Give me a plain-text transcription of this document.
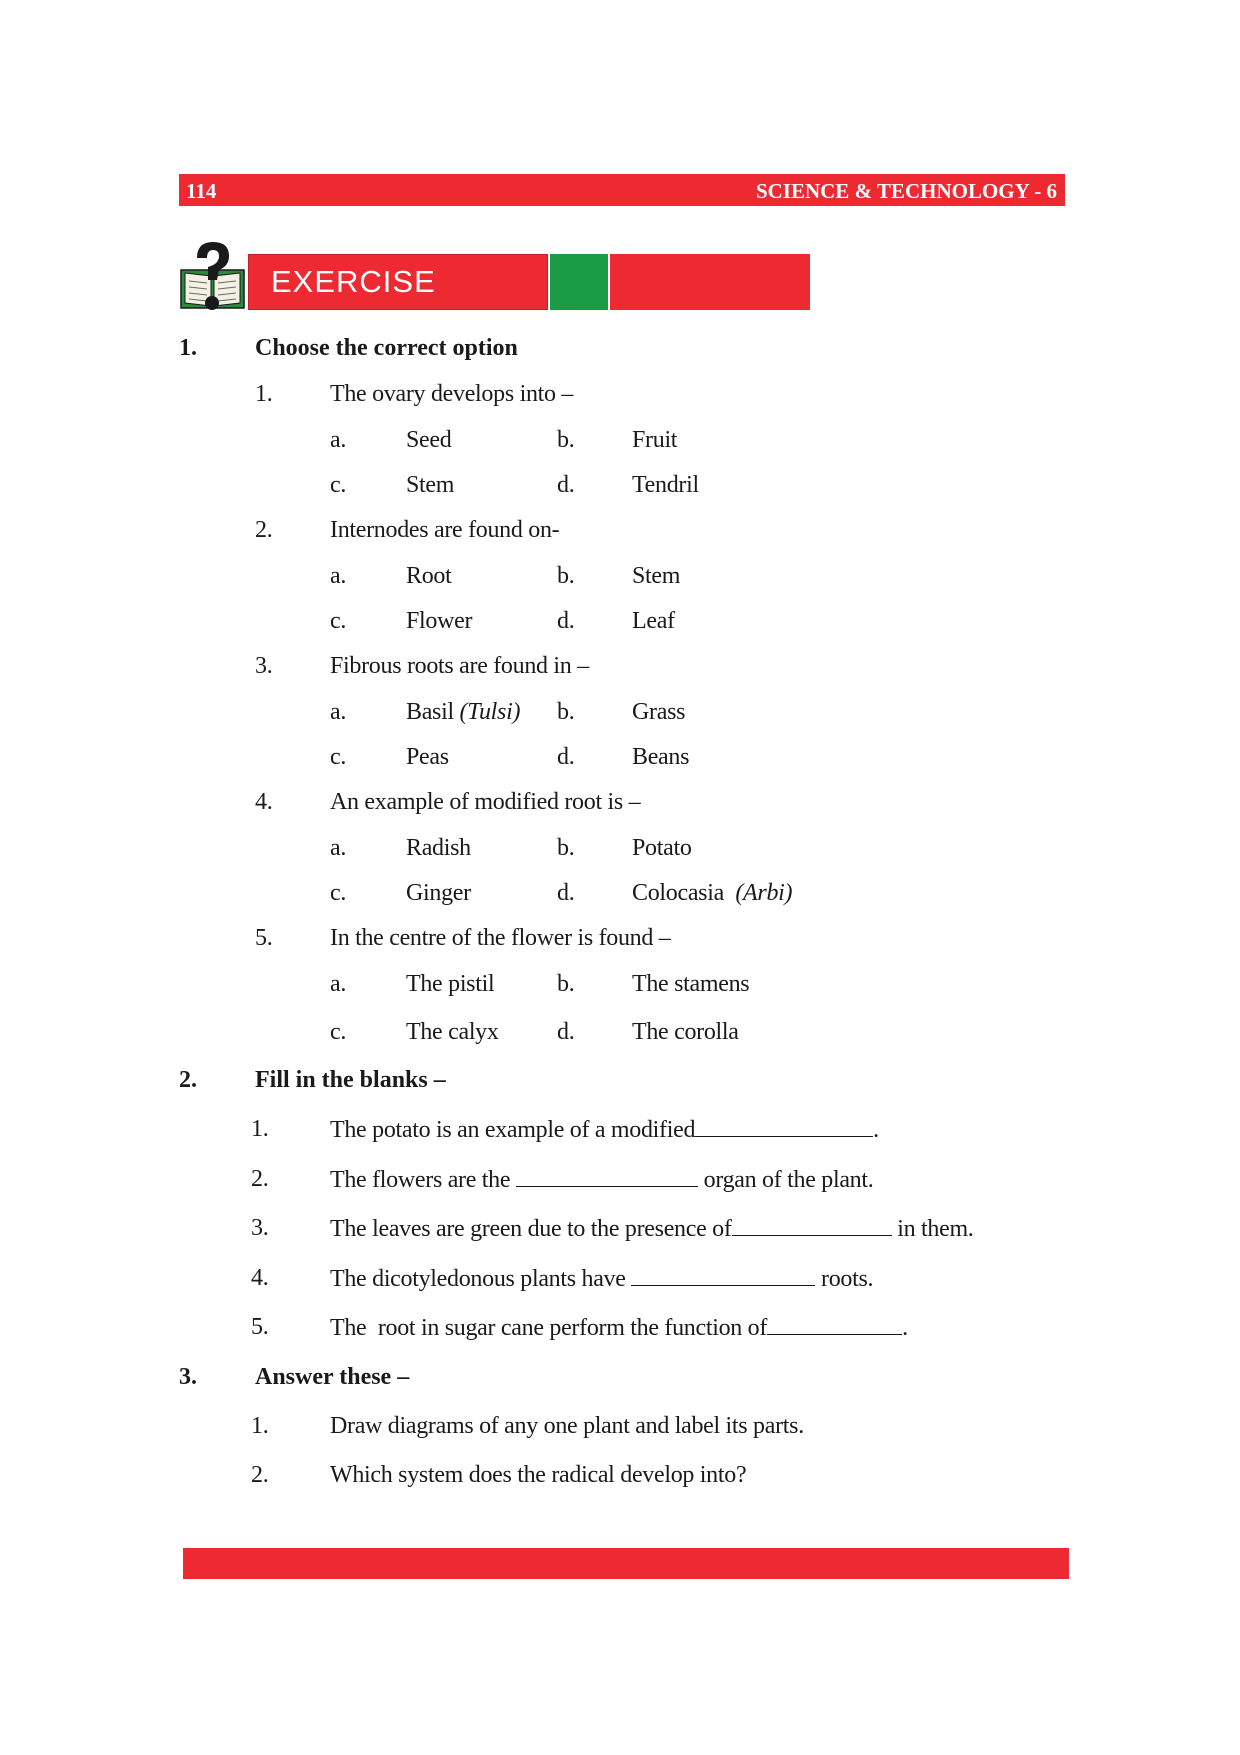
114	SCIENCE & TECHNOLOGY - 6
EXERCISE
1. Choose the correct option
1. The ovary develops into –
a. Seed	b. Fruit
c. Stem	d. Tendril
2. Internodes are found on-
a. Root	b. Stem
c. Flower	d. Leaf
3. Fibrous roots are found in –
a. Basil (Tulsi) b. Grass
c. Peas	d. Beans
4. An example of modified root is –
a. Radish	b. Potato
c. Ginger	d. Colocasia (Arbi)
5. In the centre of the flower is found –
a. The pistil	b. The stamens
c. The calyx d. The corolla
2. Fill in the blanks –
1.	The potato is an example of a modified	.
2.	The flowers are the	organ of the plant.
3.	The leaves are green due to the presence of	in them.
4.	The dicotyledonous plants have	roots.
5.	The  root in sugar cane perform the function of	.
3. Answer these –
1.	Draw diagrams of any one plant and label its parts.
2.	Which system does the radical develop into?
